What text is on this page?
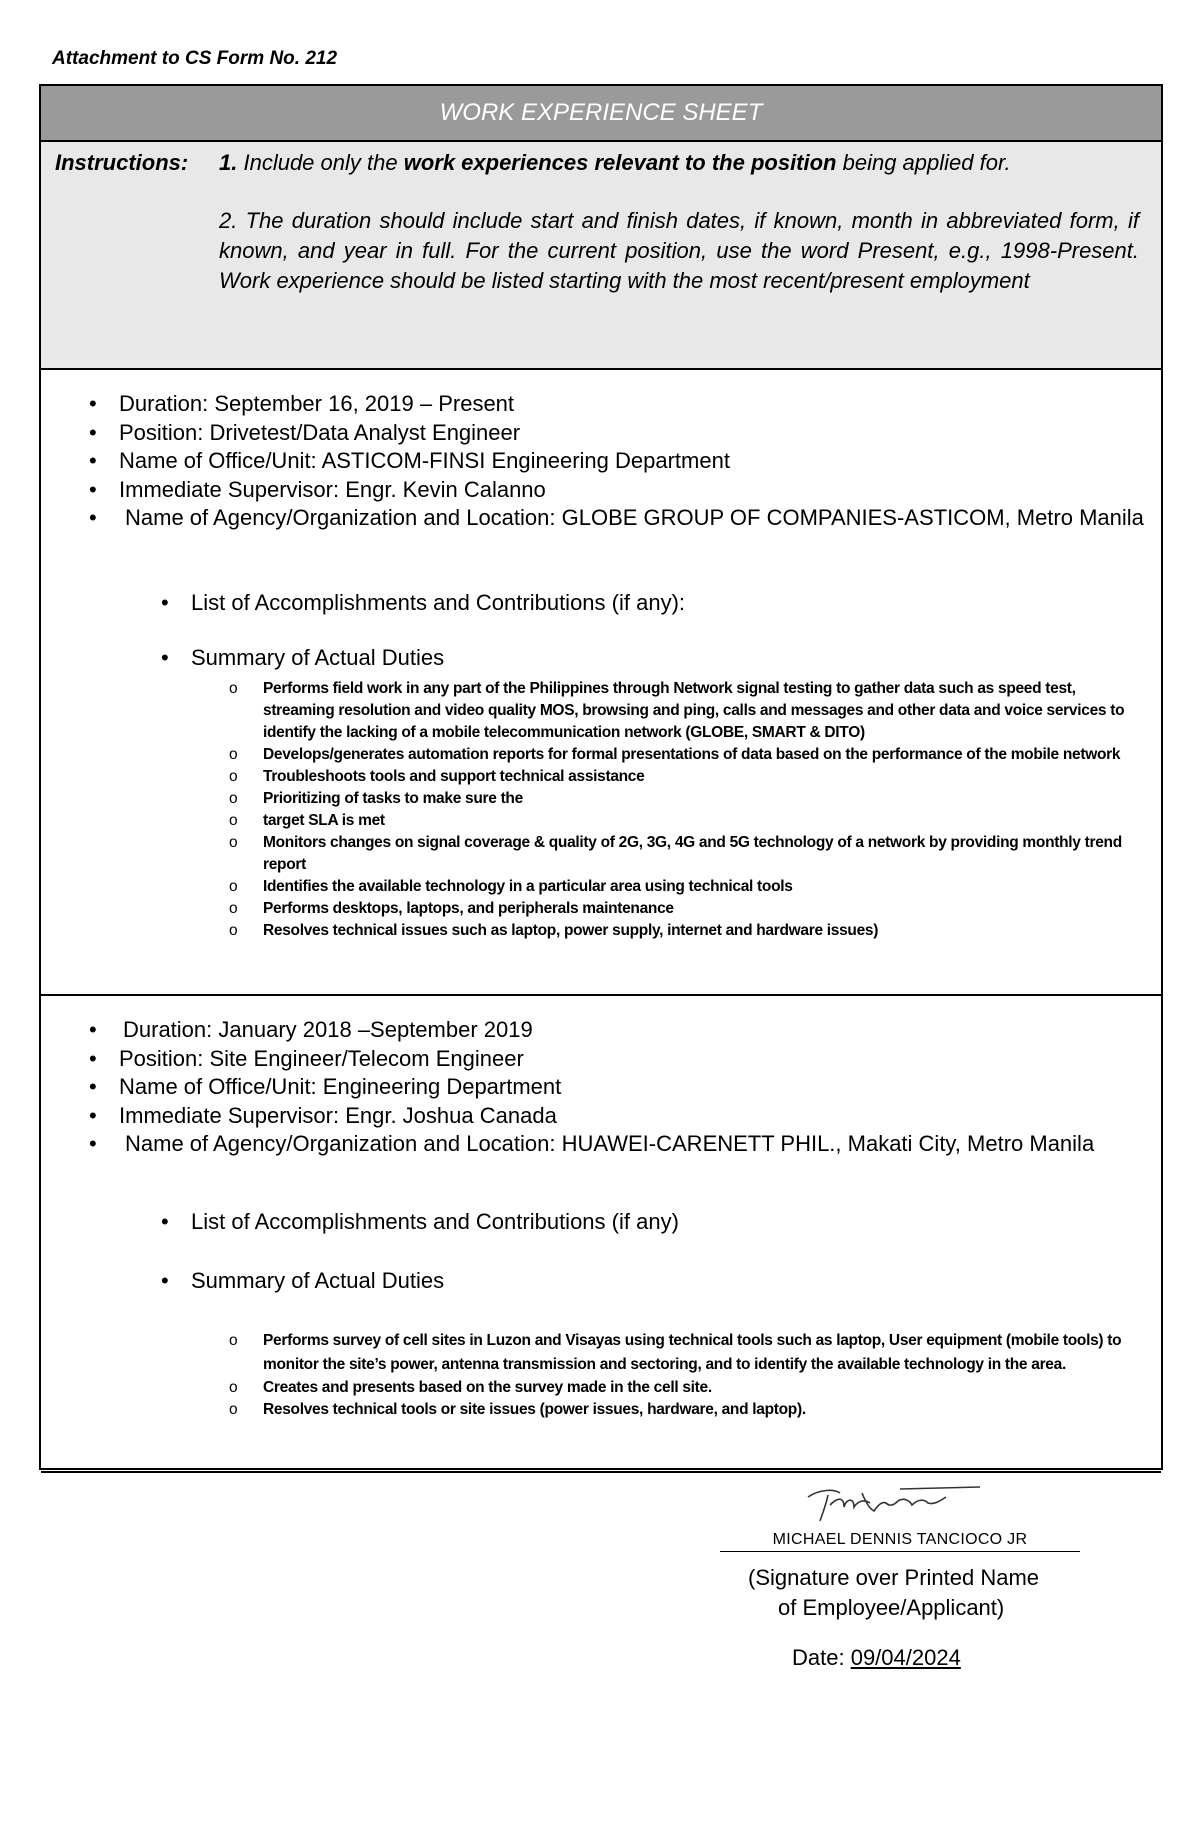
Attachment to CS Form No. 212
WORK EXPERIENCE SHEET
Instructions: 1. Include only the work experiences relevant to the position being applied for.
2. The duration should include start and finish dates, if known, month in abbreviated form, if known, and year in full. For the current position, use the word Present, e.g., 1998-Present. Work experience should be listed starting with the most recent/present employment
• Duration: September 16, 2019 – Present
• Position: Drivetest/Data Analyst Engineer
• Name of Office/Unit: ASTICOM-FINSI Engineering Department
• Immediate Supervisor: Engr. Kevin Calanno
• Name of Agency/Organization and Location: GLOBE GROUP OF COMPANIES-ASTICOM, Metro Manila
• List of Accomplishments and Contributions (if any):
• Summary of Actual Duties
o Performs field work in any part of the Philippines through Network signal testing to gather data such as speed test, streaming resolution and video quality MOS, browsing and ping, calls and messages and other data and voice services to identify the lacking of a mobile telecommunication network (GLOBE, SMART & DITO)
o Develops/generates automation reports for formal presentations of data based on the performance of the mobile network
o Troubleshoots tools and support technical assistance
o Prioritizing of tasks to make sure the
o target SLA is met
o Monitors changes on signal coverage & quality of 2G, 3G, 4G and 5G technology of a network by providing monthly trend report
o Identifies the available technology in a particular area using technical tools
o Performs desktops, laptops, and peripherals maintenance
o Resolves technical issues such as laptop, power supply, internet and hardware issues)
• Duration: January 2018 –September 2019
• Position: Site Engineer/Telecom Engineer
• Name of Office/Unit: Engineering Department
• Immediate Supervisor: Engr. Joshua Canada
• Name of Agency/Organization and Location: HUAWEI-CARENETT PHIL., Makati City, Metro Manila
• List of Accomplishments and Contributions (if any)
• Summary of Actual Duties
o Performs survey of cell sites in Luzon and Visayas using technical tools such as laptop, User equipment (mobile tools) to monitor the site’s power, antenna transmission and sectoring, and to identify the available technology in the area.
o Creates and presents based on the survey made in the cell site.
o Resolves technical tools or site issues (power issues, hardware, and laptop).
MICHAEL DENNIS TANCIOCO JR
(Signature over Printed Name
of Employee/Applicant)
Date: 09/04/2024
